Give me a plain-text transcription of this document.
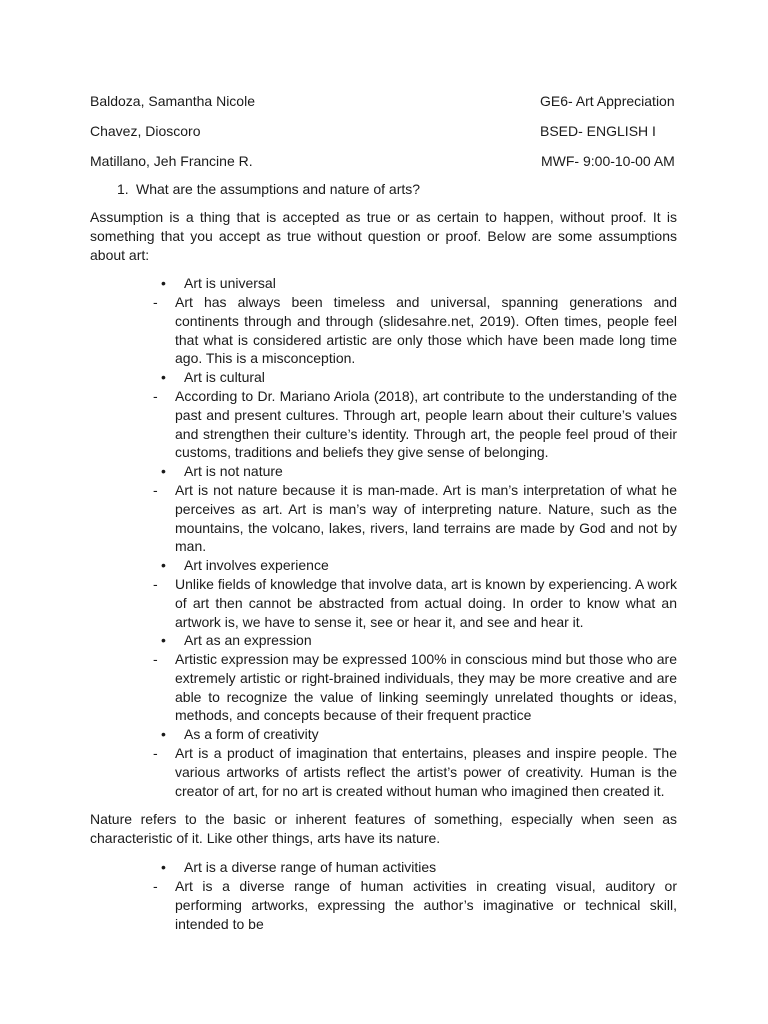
Baldoza, Samantha Nicole
Chavez, Dioscoro
Matillano, Jeh Francine R.
GE6- Art Appreciation
BSED- ENGLISH I
MWF- 9:00-10-00 AM
1. What are the assumptions and nature of arts?
Assumption is a thing that is accepted as true or as certain to happen, without proof. It is something that you accept as true without question or proof. Below are some assumptions about art:
• Art is universal
- Art has always been timeless and universal, spanning generations and continents through and through (slidesahre.net, 2019). Often times, people feel that what is considered artistic are only those which have been made long time ago. This is a misconception.
• Art is cultural
- According to Dr. Mariano Ariola (2018), art contribute to the understanding of the past and present cultures. Through art, people learn about their culture’s values and strengthen their culture’s identity. Through art, the people feel proud of their customs, traditions and beliefs they give sense of belonging.
• Art is not nature
- Art is not nature because it is man-made. Art is man’s interpretation of what he perceives as art. Art is man’s way of interpreting nature. Nature, such as the mountains, the volcano, lakes, rivers, land terrains are made by God and not by man.
• Art involves experience
- Unlike fields of knowledge that involve data, art is known by experiencing. A work of art then cannot be abstracted from actual doing. In order to know what an artwork is, we have to sense it, see or hear it, and see and hear it.
• Art as an expression
- Artistic expression may be expressed 100% in conscious mind but those who are extremely artistic or right-brained individuals, they may be more creative and are able to recognize the value of linking seemingly unrelated thoughts or ideas, methods, and concepts because of their frequent practice
• As a form of creativity
- Art is a product of imagination that entertains, pleases and inspire people. The various artworks of artists reflect the artist’s power of creativity. Human is the creator of art, for no art is created without human who imagined then created it.
Nature refers to the basic or inherent features of something, especially when seen as characteristic of it. Like other things, arts have its nature.
• Art is a diverse range of human activities
- Art is a diverse range of human activities in creating visual, auditory or performing artworks, expressing the author’s imaginative or technical skill, intended to be
